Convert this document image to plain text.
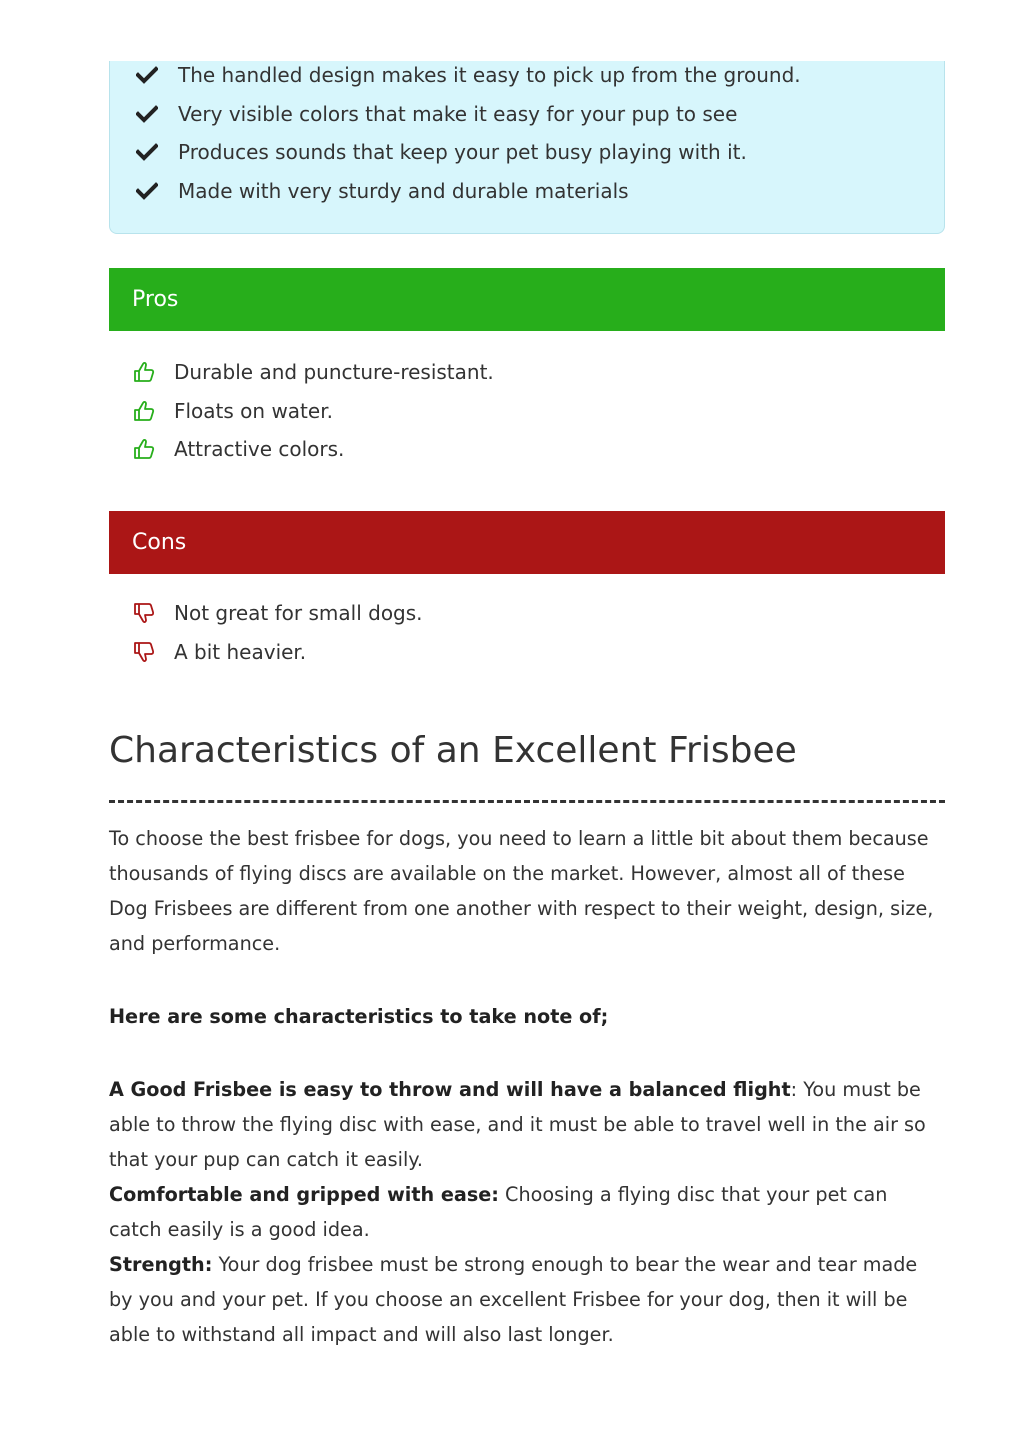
The handled design makes it easy to pick up from the ground.
Very visible colors that make it easy for your pup to see
Produces sounds that keep your pet busy playing with it.
Made with very sturdy and durable materials
Pros
Durable and puncture-resistant.
Floats on water.
Attractive colors.
Cons
Not great for small dogs.
A bit heavier.
Characteristics of an Excellent Frisbee

To choose the best frisbee for dogs, you need to learn a little bit about them because thousands of flying discs are available on the market. However, almost all of these Dog Frisbees are different from one another with respect to their weight, design, size, and performance.

Here are some characteristics to take note of;

A Good Frisbee is easy to throw and will have a balanced flight: You must be able to throw the flying disc with ease, and it must be able to travel well in the air so that your pup can catch it easily.
Comfortable and gripped with ease: Choosing a flying disc that your pet can catch easily is a good idea.
Strength: Your dog frisbee must be strong enough to bear the wear and tear made by you and your pet. If you choose an excellent Frisbee for your dog, then it will be able to withstand all impact and will also last longer.
